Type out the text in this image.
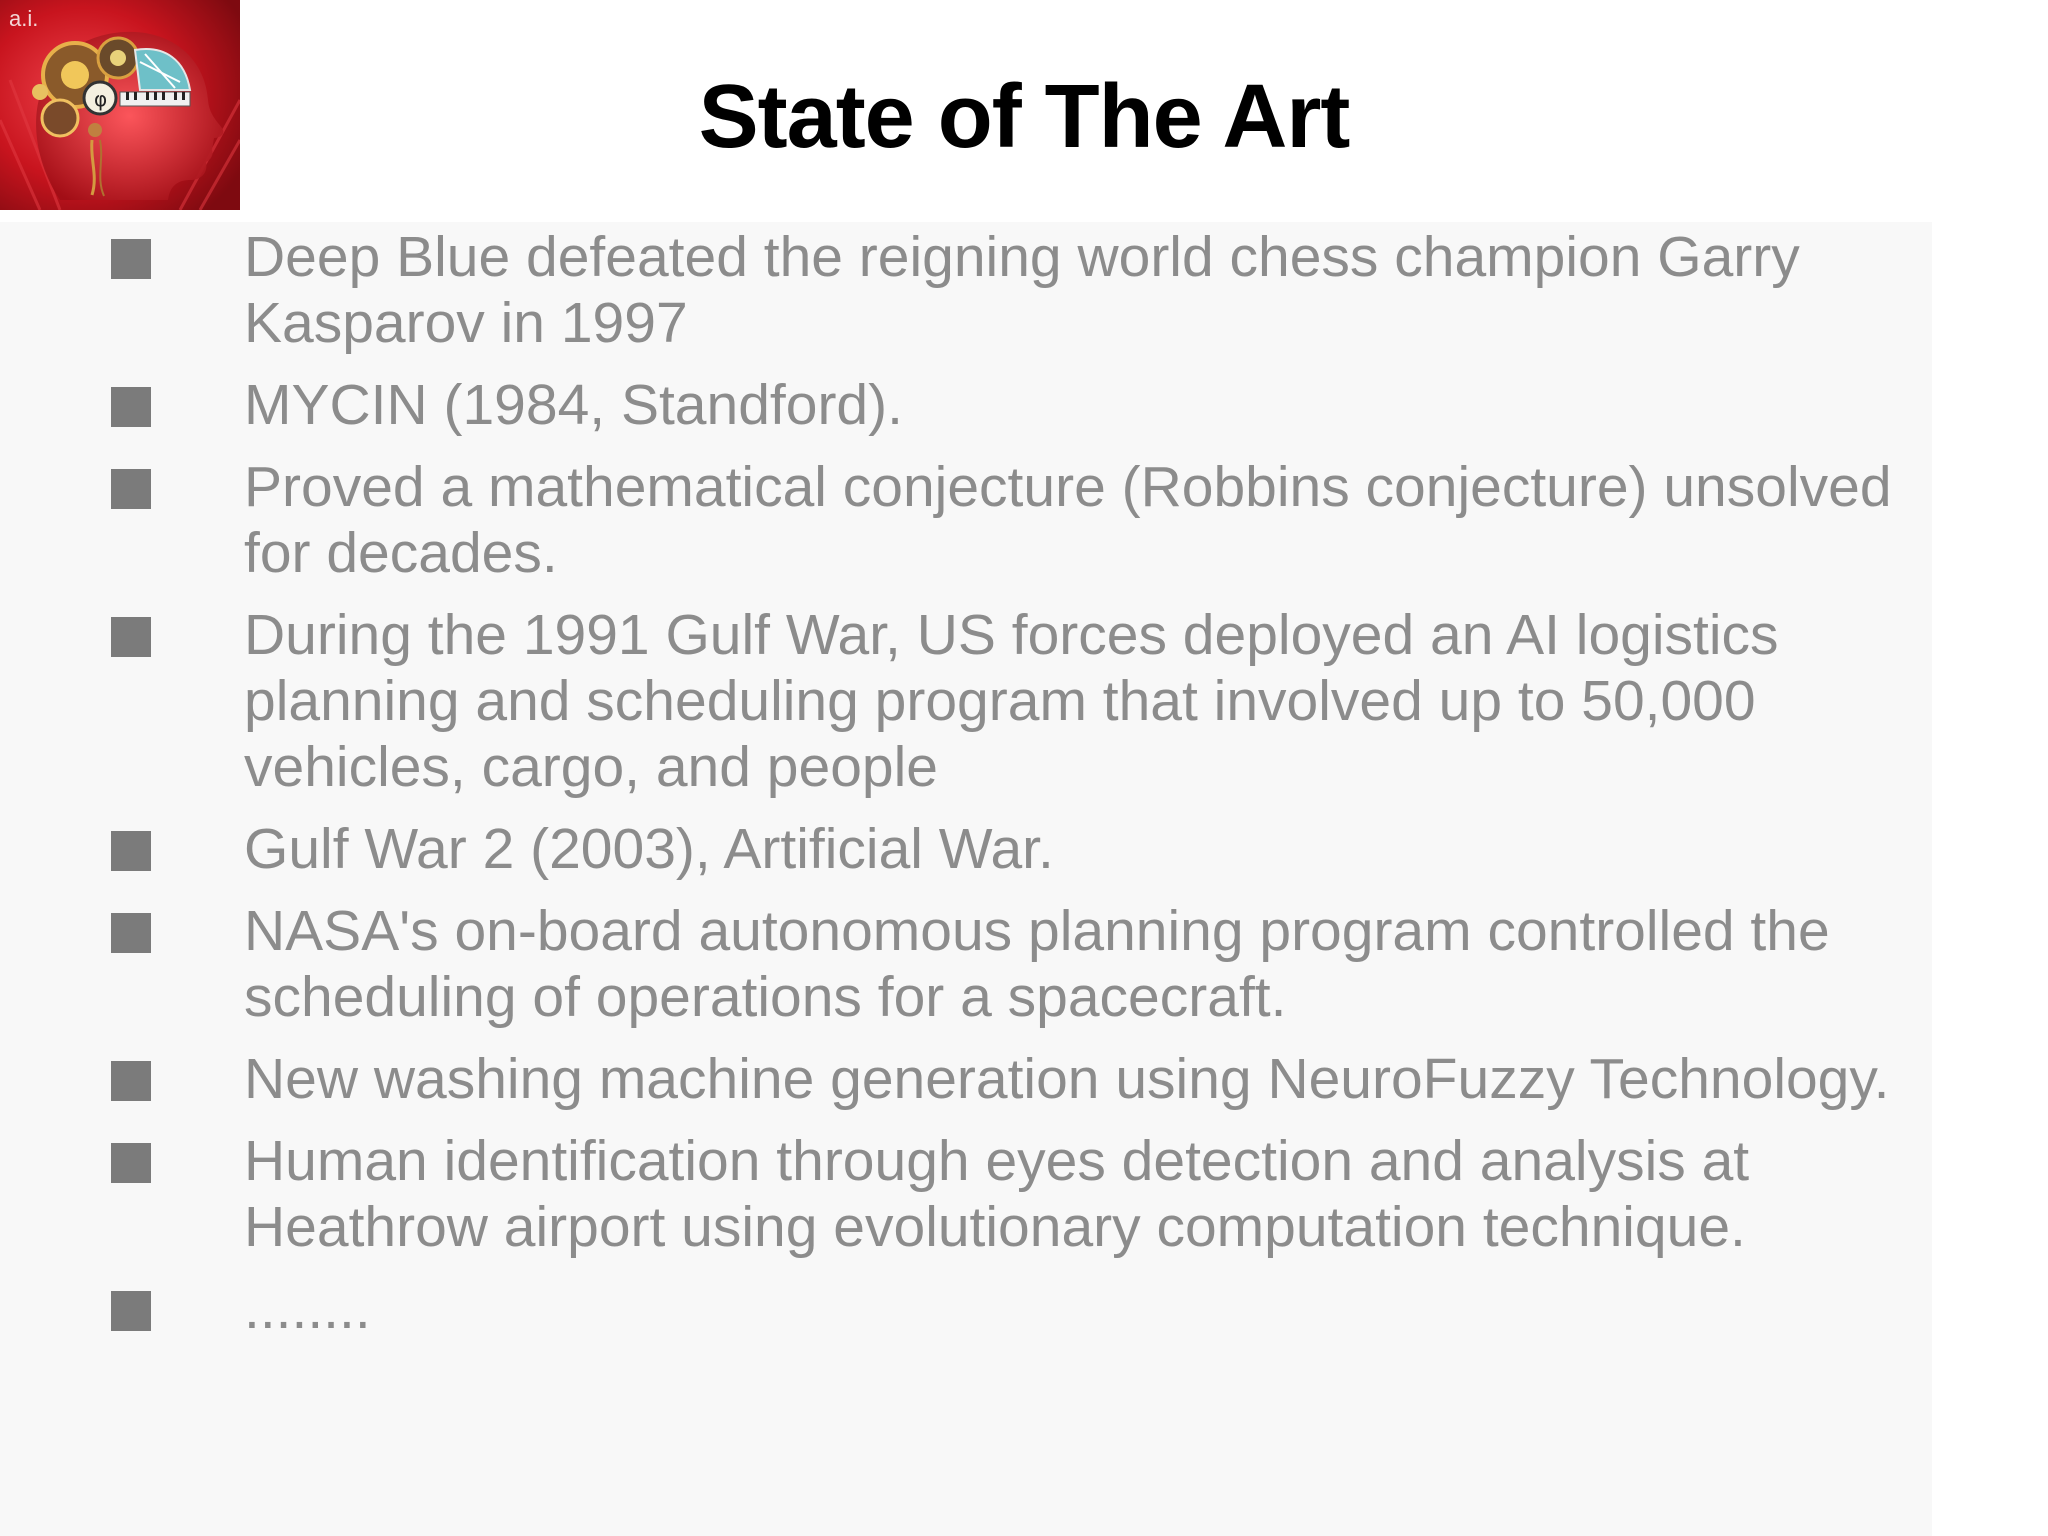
φ
a.i.
State of The Art
Deep Blue defeated the reigning world chess champion Garry Kasparov in 1997
MYCIN (1984, Standford).
Proved a mathematical conjecture (Robbins conjecture) unsolved for decades.
During the 1991 Gulf War, US forces deployed an AI logistics planning and scheduling program that involved up to 50,000 vehicles, cargo, and people
Gulf War 2 (2003), Artificial War.
NASA's on-board autonomous planning program controlled the scheduling of operations for a spacecraft.
New washing machine generation using NeuroFuzzy Technology.
Human identification through eyes detection and analysis at Heathrow airport using evolutionary computation technique.
........
